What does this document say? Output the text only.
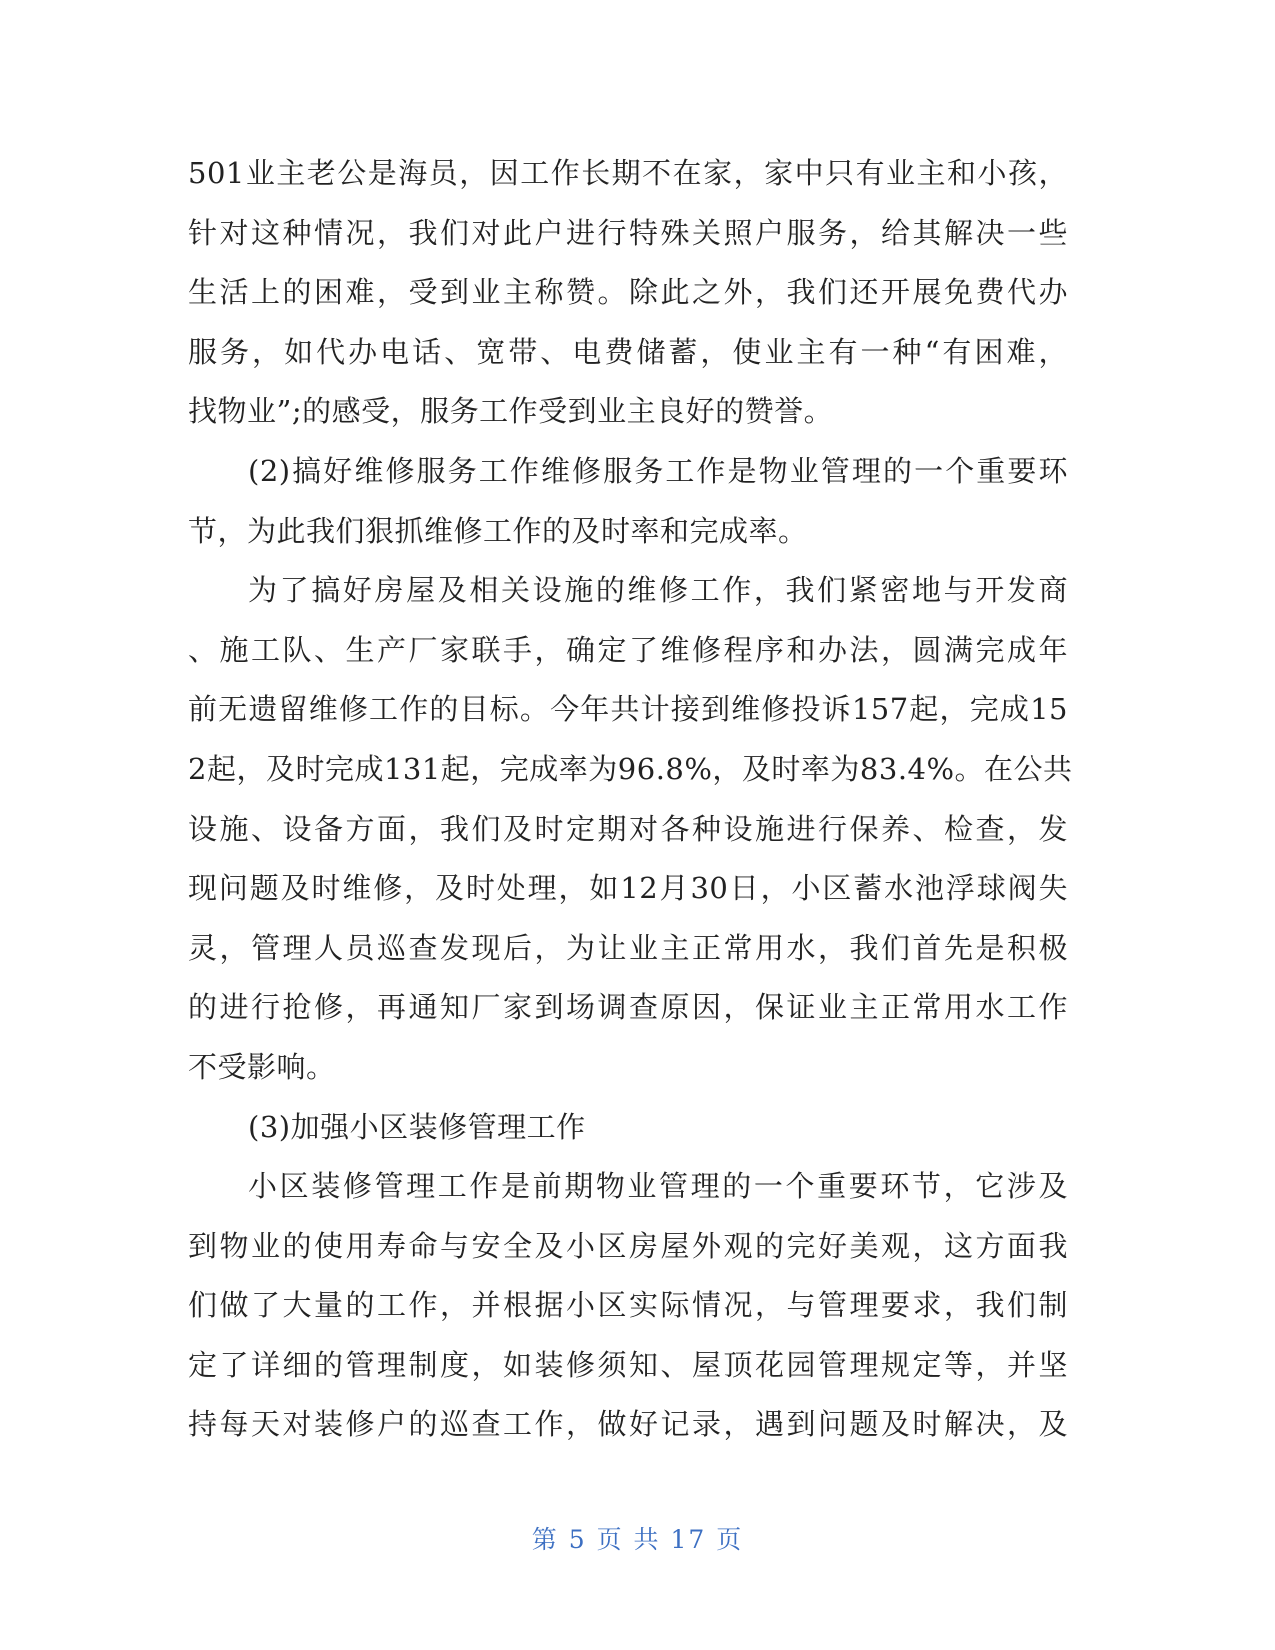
501业主老公是海员，因工作长期不在家，家中只有业主和小孩，
针对这种情况，我们对此户进行特殊关照户服务，给其解决一些
生活上的困难，受到业主称赞。除此之外，我们还开展免费代办
服务，如代办电话、宽带、电费储蓄，使业主有一种“有困难，
找物业”;的感受，服务工作受到业主良好的赞誉。
(2)搞好维修服务工作维修服务工作是物业管理的一个重要环
节，为此我们狠抓维修工作的及时率和完成率。
为了搞好房屋及相关设施的维修工作，我们紧密地与开发商
、施工队、生产厂家联手，确定了维修程序和办法，圆满完成年
前无遗留维修工作的目标。今年共计接到维修投诉157起，完成15
2起，及时完成131起，完成率为96.8%，及时率为83.4%。在公共
设施、设备方面，我们及时定期对各种设施进行保养、检查，发
现问题及时维修，及时处理，如12月30日，小区蓄水池浮球阀失
灵，管理人员巡查发现后，为让业主正常用水，我们首先是积极
的进行抢修，再通知厂家到场调查原因，保证业主正常用水工作
不受影响。
(3)加强小区装修管理工作
小区装修管理工作是前期物业管理的一个重要环节，它涉及
到物业的使用寿命与安全及小区房屋外观的完好美观，这方面我
们做了大量的工作，并根据小区实际情况，与管理要求，我们制
定了详细的管理制度，如装修须知、屋顶花园管理规定等，并坚
持每天对装修户的巡查工作，做好记录，遇到问题及时解决，及
第 5 页 共 17 页
